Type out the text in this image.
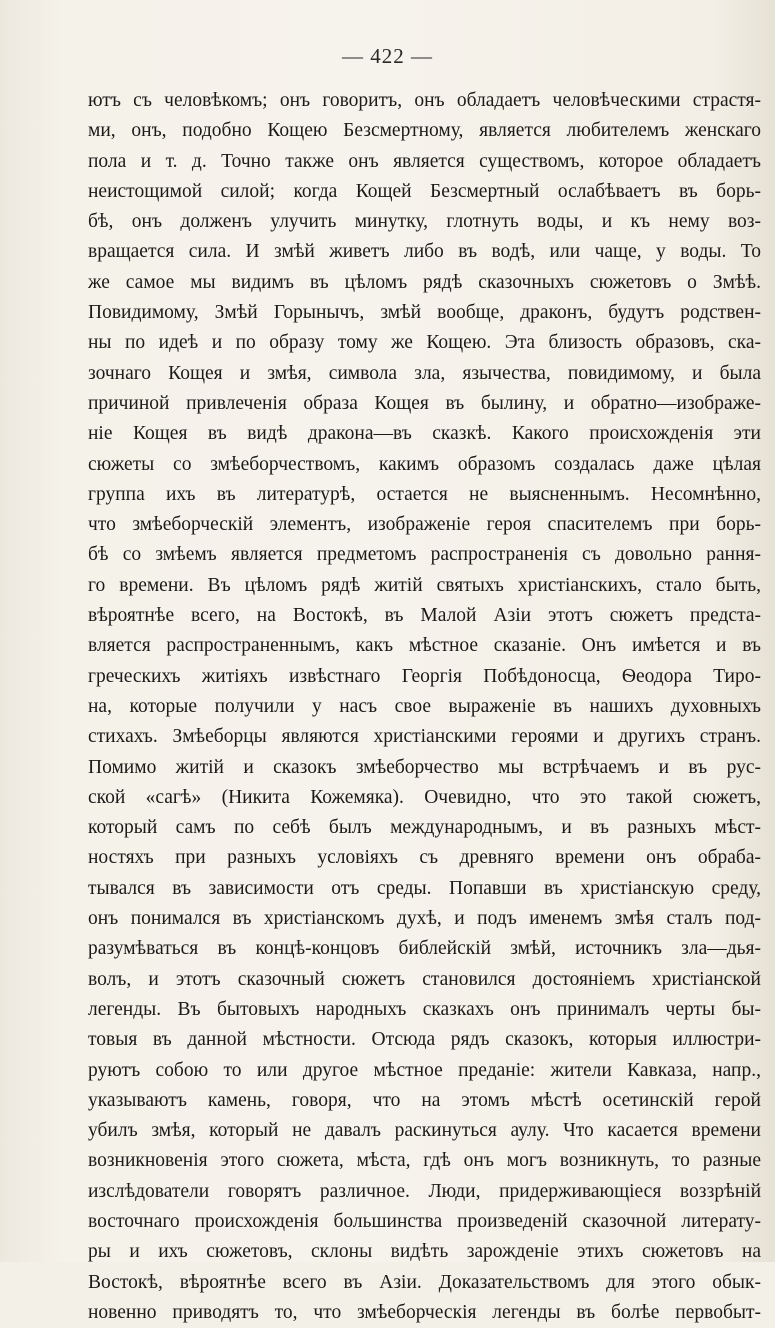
— 422 —
ютъ съ человѣкомъ; онъ говоритъ, онъ обладаетъ человѣческими страстя-
ми, онъ, подобно Кощею Безсмертному, является любителемъ женскаго
пола и т. д. Точно также онъ является существомъ, которое обладаетъ
неистощимой силой; когда Кощей Безсмертный ослабѣваетъ въ борь-
бѣ, онъ долженъ улучить минутку, глотнуть воды, и къ нему воз-
вращается сила. И змѣй живетъ либо въ водѣ, или чаще, у воды. То
же самое мы видимъ въ цѣломъ рядѣ сказочныхъ сюжетовъ о Змѣѣ.
Повидимому, Змѣй Горынычъ, змѣй вообще, драконъ, будутъ родствен-
ны по идеѣ и по образу тому же Кощею. Эта близость образовъ, ска-
зочнаго Кощея и змѣя, символа зла, язычества, повидимому, и была
причиной привлеченія образа Кощея въ былину, и обратно—изображе-
ніе Кощея въ видѣ дракона—въ сказкѣ. Какого происхожденія эти
сюжеты со змѣеборчествомъ, какимъ образомъ создалась даже цѣлая
группа ихъ въ литературѣ, остается не выясненнымъ. Несомнѣнно,
что змѣеборческій элементъ, изображеніе героя спасителемъ при борь-
бѣ со змѣемъ является предметомъ распространенія съ довольно рання-
го времени. Въ цѣломъ рядѣ житій святыхъ христіанскихъ, стало быть,
вѣроятнѣе всего, на Востокѣ, въ Малой Азіи этотъ сюжетъ предста-
вляется распространеннымъ, какъ мѣстное сказаніе. Онъ имѣется и въ
греческихъ житіяхъ извѣстнаго Георгія Побѣдоносца, Ѳеодора Тиро-
на, которые получили у насъ свое выраженіе въ нашихъ духовныхъ
стихахъ. Змѣеборцы являются христіанскими героями и другихъ странъ.
Помимо житій и сказокъ змѣеборчество мы встрѣчаемъ и въ рус-
ской «сагѣ» (Никита Кожемяка). Очевидно, что это такой сюжетъ,
который самъ по себѣ былъ международнымъ, и въ разныхъ мѣст-
ностяхъ при разныхъ условіяхъ съ древняго времени онъ обраба-
тывался въ зависимости отъ среды. Попавши въ христіанскую среду,
онъ понимался въ христіанскомъ духѣ, и подъ именемъ змѣя сталъ под-
разумѣваться въ концѣ-концовъ библейскій змѣй, источникъ зла—дья-
волъ, и этотъ сказочный сюжетъ становился достояніемъ христіанской
легенды. Въ бытовыхъ народныхъ сказкахъ онъ принималъ черты бы-
товыя въ данной мѣстности. Отсюда рядъ сказокъ, которыя иллюстри-
руютъ собою то или другое мѣстное преданіе: жители Кавказа, напр.,
указываютъ камень, говоря, что на этомъ мѣстѣ осетинскій герой
убилъ змѣя, который не давалъ раскинуться аулу. Что касается времени
возникновенія этого сюжета, мѣста, гдѣ онъ могъ возникнуть, то разные
изслѣдователи говорятъ различное. Люди, придерживающіеся воззрѣній
восточнаго происхожденія большинства произведеній сказочной литерату-
ры и ихъ сюжетовъ, склоны видѣть зарожденіе этихъ сюжетовъ на
Востокѣ, вѣроятнѣе всего въ Азіи. Доказательствомъ для этого обык-
новенно приводятъ то, что змѣеборческія легенды въ болѣе первобыт-
